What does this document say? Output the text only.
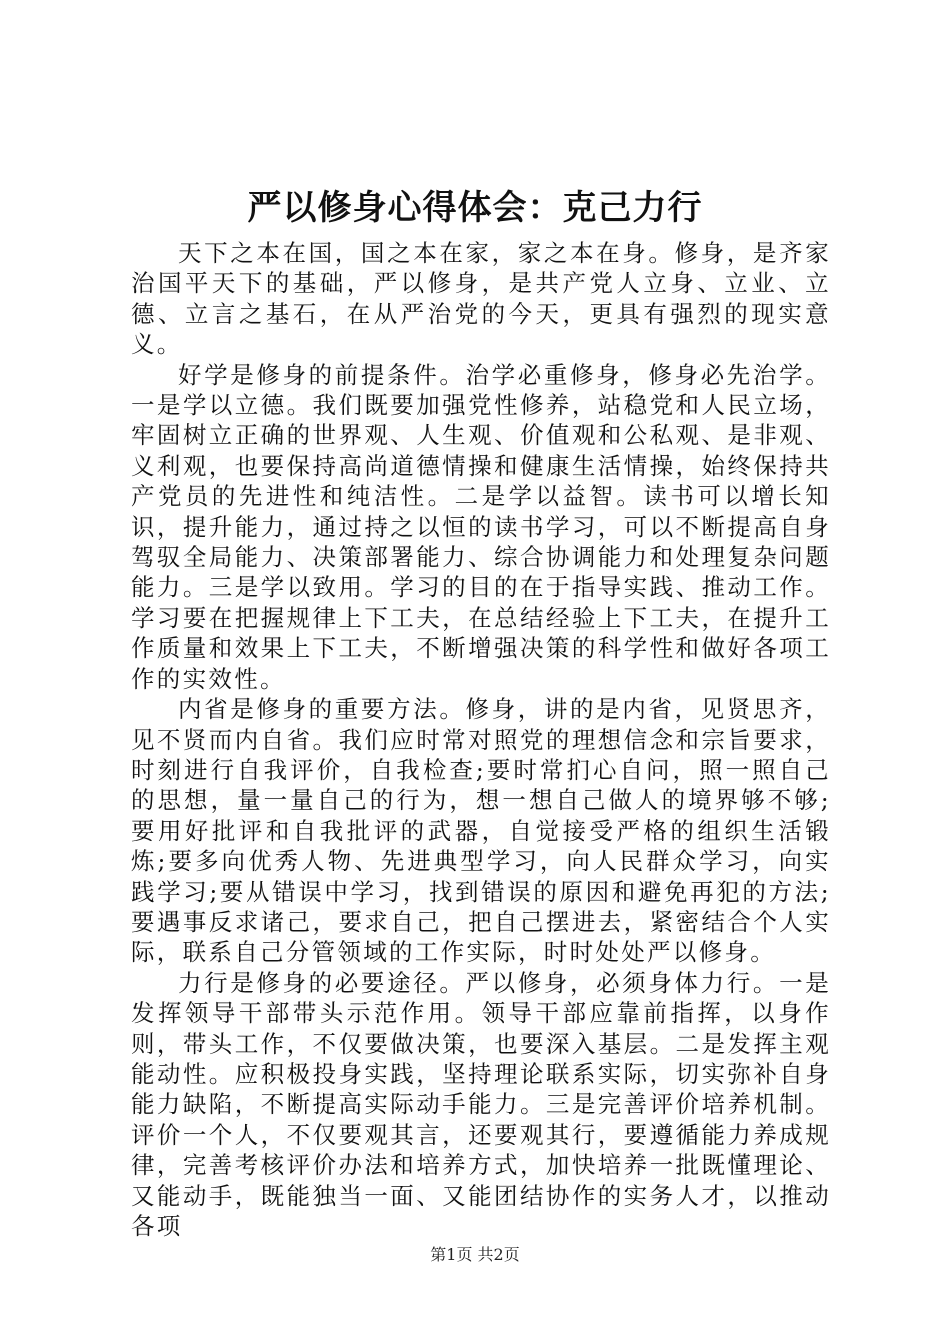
严以修身心得体会：克己力行

天下之本在国，国之本在家，家之本在身。修身，是齐家治国平天下的基础，严以修身，是共产党人立身、立业、立德、立言之基石，在从严治党的今天，更具有强烈的现实意义。

好学是修身的前提条件。治学必重修身，修身必先治学。一是学以立德。我们既要加强党性修养，站稳党和人民立场，牢固树立正确的世界观、人生观、价值观和公私观、是非观、义利观，也要保持高尚道德情操和健康生活情操，始终保持共产党员的先进性和纯洁性。二是学以益智。读书可以增长知识，提升能力，通过持之以恒的读书学习，可以不断提高自身驾驭全局能力、决策部署能力、综合协调能力和处理复杂问题能力。三是学以致用。学习的目的在于指导实践、推动工作。学习要在把握规律上下工夫，在总结经验上下工夫，在提升工作质量和效果上下工夫，不断增强决策的科学性和做好各项工作的实效性。

内省是修身的重要方法。修身，讲的是内省，见贤思齐，见不贤而内自省。我们应时常对照党的理想信念和宗旨要求，时刻进行自我评价，自我检查;要时常扪心自问，照一照自己的思想，量一量自己的行为，想一想自己做人的境界够不够;要用好批评和自我批评的武器，自觉接受严格的组织生活锻炼;要多向优秀人物、先进典型学习，向人民群众学习，向实践学习;要从错误中学习，找到错误的原因和避免再犯的方法;要遇事反求诸己，要求自己，把自己摆进去，紧密结合个人实际，联系自己分管领域的工作实际，时时处处严以修身。

力行是修身的必要途径。严以修身，必须身体力行。一是发挥领导干部带头示范作用。领导干部应靠前指挥，以身作则，带头工作，不仅要做决策，也要深入基层。二是发挥主观能动性。应积极投身实践，坚持理论联系实际，切实弥补自身能力缺陷，不断提高实际动手能力。三是完善评价培养机制。评价一个人，不仅要观其言，还要观其行，要遵循能力养成规律，完善考核评价办法和培养方式，加快培养一批既懂理论、又能动手，既能独当一面、又能团结协作的实务人才，以推动各项

第1页 共2页
